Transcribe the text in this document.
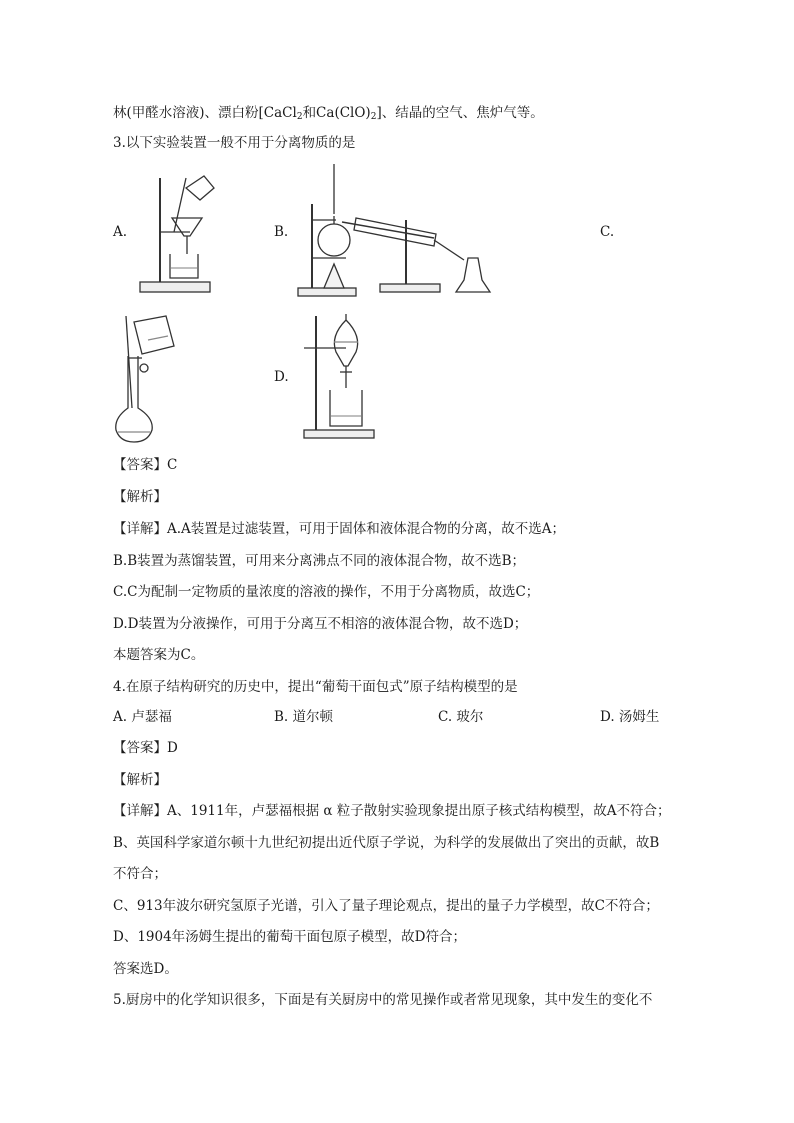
林(甲醛水溶液)、漂白粉[CaCl$_2$和$Ca(ClO)_2$]、结晶的空气、焦炉气等。
3.以下实验装置一般不用于分离物质的是
A.	B.	C.
D.
【答案】C
【解析】
【详解】A.A装置是过滤装置，可用于固体和液体混合物的分离，故不选A；
B.B装置为蒸馏装置，可用来分离沸点不同的液体混合物，故不选B；
C.C为配制一定物质的量浓度的溶液的操作，不用于分离物质，故选C；
D.D装置为分液操作，可用于分离互不相溶的液体混合物，故不选D；
本题答案为C。
4.在原子结构研究的历史中，提出“葡萄干面包式”原子结构模型的是
A. 卢瑟福	B. 道尔顿	C. 玻尔	D. 汤姆生
【答案】D
【解析】
【详解】A、1911年，卢瑟福根据 α 粒子散射实验现象提出原子核式结构模型，故A不符合；
B、英国科学家道尔顿十九世纪初提出近代原子学说，为科学的发展做出了突出的贡献，故B
不符合；
C、913年波尔研究氢原子光谱，引入了量子理论观点，提出的量子力学模型，故C不符合；
D、1904年汤姆生提出的葡萄干面包原子模型，故D符合；
答案选D。
5.厨房中的化学知识很多，下面是有关厨房中的常见操作或者常见现象，其中发生的变化不
